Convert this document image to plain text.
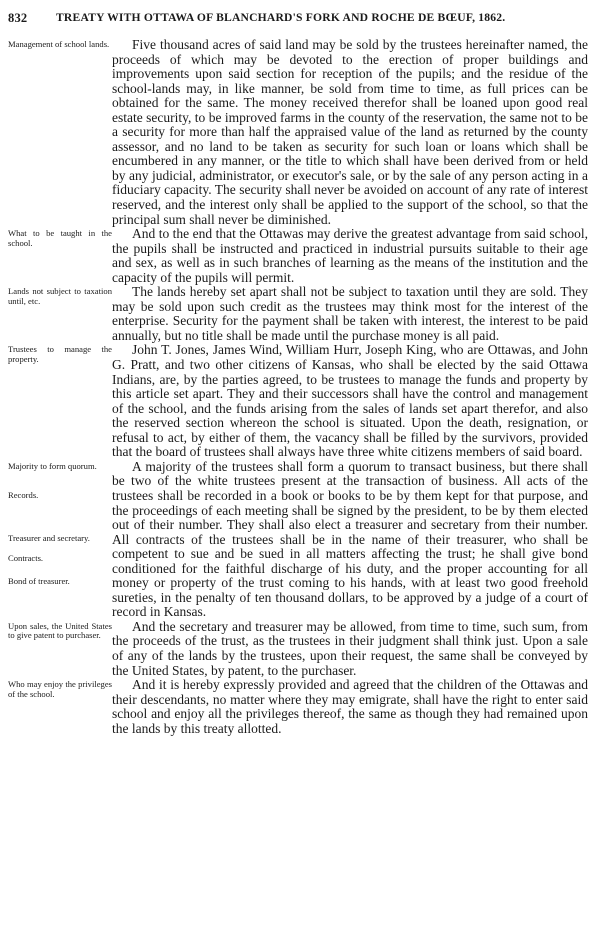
832 TREATY WITH OTTAWA OF BLANCHARD'S FORK AND ROCHE DE BŒUF, 1862.
Management of school lands.	Five thousand acres of said land may be sold by the trustees hereinafter named, the proceeds of which may be devoted to the erection of proper buildings and improvements upon said section for reception of the pupils; and the residue of the school-lands may, in like manner, be sold from time to time, as full prices can be obtained for the same. The money received therefor shall be loaned upon good real estate security, to be improved farms in the county of the reservation, the same not to be a security for more than half the appraised value of the land as returned by the county assessor, and no land to be taken as security for such loan or loans which shall be encumbered in any manner, or the title to which shall have been derived from or held by any judicial, administrator, or executor's sale, or by the sale of any person acting in a fiduciary capacity. The security shall never be avoided on account of any rate of interest reserved, and the interest only shall be applied to the support of the school, so that the principal sum shall never be diminished.

What to be taught in the school.

And to the end that the Ottawas may derive the greatest advantage from said school, the pupils shall be instructed and practiced in industrial pursuits suitable to their age and sex, as well as in such branches of learning as the means of the institution and the capacity of the pupils will permit.

Lands not subject to taxation until, etc.

The lands hereby set apart shall not be subject to taxation until they are sold. They may be sold upon such credit as the trustees may think most for the interest of the enterprise. Security for the payment shall be taken with interest, the interest to be paid annually, but no title shall be made until the purchase money is all paid.

Trustees to manage the property.

John T. Jones, James Wind, William Hurr, Joseph King, who are Ottawas, and John G. Pratt, and two other citizens of Kansas, who shall be elected by the said Ottawa Indians, are, by the parties agreed, to be trustees to manage the funds and property by this article set apart. They and their successors shall have the control and management of the school, and the funds arising from the sales of lands set apart therefor, and also the reserved section whereon the school is situated. Upon the death, resignation, or refusal to act, by either of them, the vacancy shall be filled by the survivors, provided that the board of trustees shall always have three white citizens members of said board.

Majority to form quorum.
Records.
Treasurer and secretary.
Contracts.
Bond of treasurer.

A majority of the trustees shall form a quorum to transact business, but there shall be two of the white trustees present at the transaction of business. All acts of the trustees shall be recorded in a book or books to be by them kept for that purpose, and the proceedings of each meeting shall be signed by the president, to be by them elected out of their number. They shall also elect a treasurer and secretary from their number. All contracts of the trustees shall be in the name of their treasurer, who shall be competent to sue and be sued in all matters affecting the trust; he shall give bond conditioned for the faithful discharge of his duty, and the proper accounting for all money or property of the trust coming to his hands, with at least two good freehold sureties, in the penalty of ten thousand dollars, to be approved by a judge of a court of record in Kansas.

Upon sales, the United States to give patent to purchaser.

And the secretary and treasurer may be allowed, from time to time, such sum, from the proceeds of the trust, as the trustees in their judgment shall think just. Upon a sale of any of the lands by the trustees, upon their request, the same shall be conveyed by the United States, by patent, to the purchaser.

Who may enjoy the privileges of the school.

And it is hereby expressly provided and agreed that the children of the Ottawas and their descendants, no matter where they may emigrate, shall have the right to enter said school and enjoy all the privileges thereof, the same as though they had remained upon the lands by this treaty allotted.
